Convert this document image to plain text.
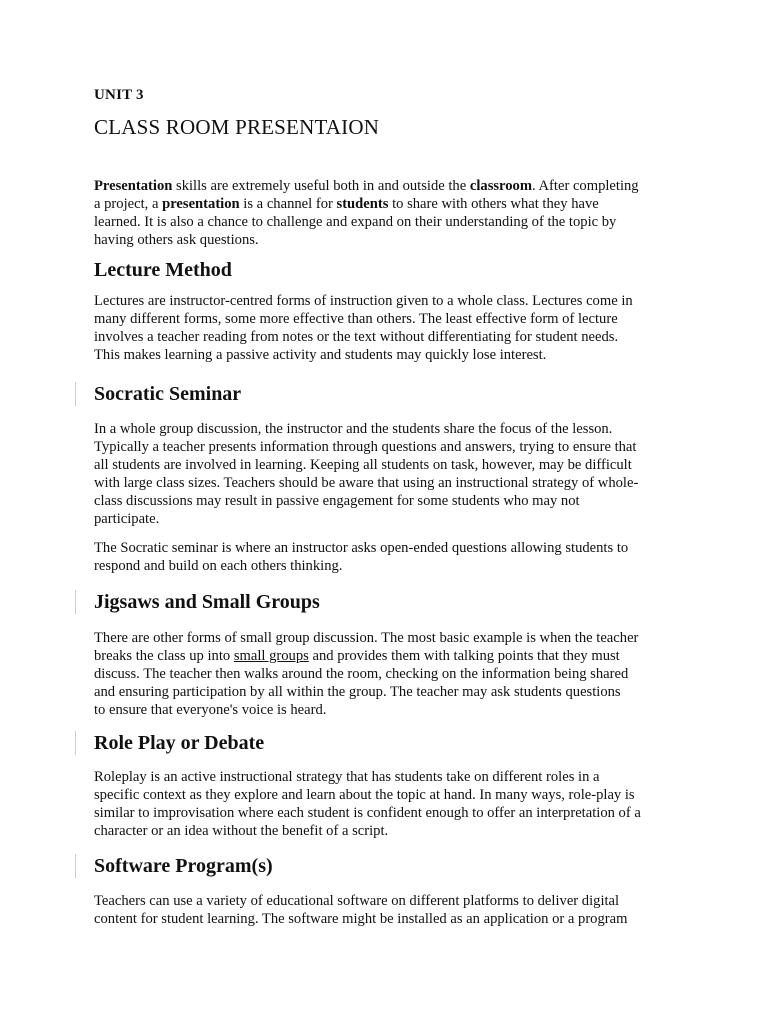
UNIT 3
CLASS ROOM PRESENTAION
Presentation skills are extremely useful both in and outside the classroom. After completing
a project, a presentation is a channel for students to share with others what they have
learned. It is also a chance to challenge and expand on their understanding of the topic by
having others ask questions.
Lecture Method
Lectures are instructor-centred forms of instruction given to a whole class. Lectures come in
many different forms, some more effective than others. The least effective form of lecture
involves a teacher reading from notes or the text without differentiating for student needs.
This makes learning a passive activity and students may quickly lose interest.
Socratic Seminar
In a whole group discussion, the instructor and the students share the focus of the lesson.
Typically a teacher presents information through questions and answers, trying to ensure that
all students are involved in learning. Keeping all students on task, however, may be difficult
with large class sizes. Teachers should be aware that using an instructional strategy of whole-
class discussions may result in passive engagement for some students who may not
participate.
The Socratic seminar is where an instructor asks open-ended questions allowing students to
respond and build on each others thinking.
Jigsaws and Small Groups
There are other forms of small group discussion. The most basic example is when the teacher
breaks the class up into small groups and provides them with talking points that they must
discuss. The teacher then walks around the room, checking on the information being shared
and ensuring participation by all within the group. The teacher may ask students questions
to ensure that everyone's voice is heard.
Role Play or Debate
Roleplay is an active instructional strategy that has students take on different roles in a
specific context as they explore and learn about the topic at hand. In many ways, role-play is
similar to improvisation where each student is confident enough to offer an interpretation of a
character or an idea without the benefit of a script.
Software Program(s)
Teachers can use a variety of educational software on different platforms to deliver digital
content for student learning. The software might be installed as an application or a program
